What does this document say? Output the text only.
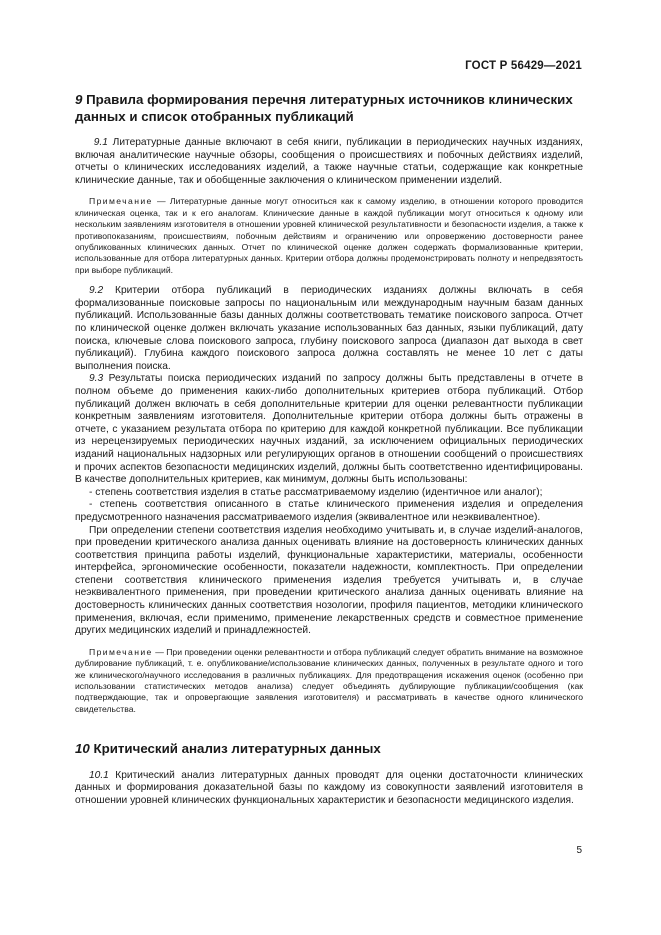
ГОСТ Р 56429—2021
9 Правила формирования перечня литературных источников клинических данных и список отобранных публикаций

9.1 Литературные данные включают в себя книги, публикации в периодических научных изданиях, включая аналитические научные обзоры, сообщения о происшествиях и побочных действиях изделий, отчеты о клинических исследованиях изделий, а также научные статьи, содержащие как конкретные клинические данные, так и обобщенные заключения о клиническом применении изделий.

Примечание — Литературные данные могут относиться как к самому изделию, в отношении которого проводится клиническая оценка, так и к его аналогам. Клинические данные в каждой публикации могут относиться к одному или нескольким заявлениям изготовителя в отношении уровней клинической результативности и безопасности изделия, а также к противопоказаниям, происшествиям, побочным действиям и ограничению или опровержению достоверности ранее опубликованных клинических данных. Отчет по клинической оценке должен содержать формализованные критерии, использованные для отбора литературных данных. Критерии отбора должны продемонстрировать полноту и непредвзятость при выборе публикаций.

9.2 Критерии отбора публикаций в периодических изданиях должны включать в себя формализованные поисковые запросы по национальным или международным научным базам данных публикаций. Использованные базы данных должны соответствовать тематике поискового запроса. Отчет по клинической оценке должен включать указание использованных баз данных, языки публикаций, дату поиска, ключевые слова поискового запроса, глубину поискового запроса (диапазон дат выхода в свет публикаций). Глубина каждого поискового запроса должна составлять не менее 10 лет с даты выполнения поиска.

9.3 Результаты поиска периодических изданий по запросу должны быть представлены в отчете в полном объеме до применения каких-либо дополнительных критериев отбора публикаций. Отбор публикаций должен включать в себя дополнительные критерии для оценки релевантности публикации конкретным заявлениям изготовителя. Дополнительные критерии отбора должны быть отражены в отчете, с указанием результата отбора по критерию для каждой конкретной публикации. Все публикации из нерецензируемых периодических научных изданий, за исключением официальных периодических изданий национальных надзорных или регулирующих органов в отношении сообщений о происшествиях и прочих аспектов безопасности медицинских изделий, должны быть соответственно идентифицированы. В качестве дополнительных критериев, как минимум, должны быть использованы:

- степень соответствия изделия в статье рассматриваемому изделию (идентичное или аналог);

- степень соответствия описанного в статье клинического применения изделия и определения предусмотренного назначения рассматриваемого изделия (эквивалентное или неэквивалентное).

При определении степени соответствия изделия необходимо учитывать и, в случае изделий-аналогов, при проведении критического анализа данных оценивать влияние на достоверность клинических данных соответствия принципа работы изделий, функциональные характеристики, материалы, особенности интерфейса, эргономические особенности, показатели надежности, комплектность. При определении степени соответствия клинического применения изделия требуется учитывать и, в случае неэквивалентного применения, при проведении критического анализа данных оценивать влияние на достоверность клинических данных соответствия нозологии, профиля пациентов, методики клинического применения, включая, если применимо, применение лекарственных средств и совместное применение других медицинских изделий и принадлежностей.

Примечание — При проведении оценки релевантности и отбора публикаций следует обратить внимание на возможное дублирование публикаций, т. е. опубликование/использование клинических данных, полученных в результате одного и того же клинического/научного исследования в различных публикациях. Для предотвращения искажения оценок (особенно при использовании статистических методов анализа) следует объединять дублирующие публикации/сообщения (как подтверждающие, так и опровергающие заявления изготовителя) и рассматривать в качестве одного клинического свидетельства.

10 Критический анализ литературных данных

10.1 Критический анализ литературных данных проводят для оценки достаточности клинических данных и формирования доказательной базы по каждому из совокупности заявлений изготовителя в отношении уровней клинических функциональных характеристик и безопасности медицинского изделия.

5
